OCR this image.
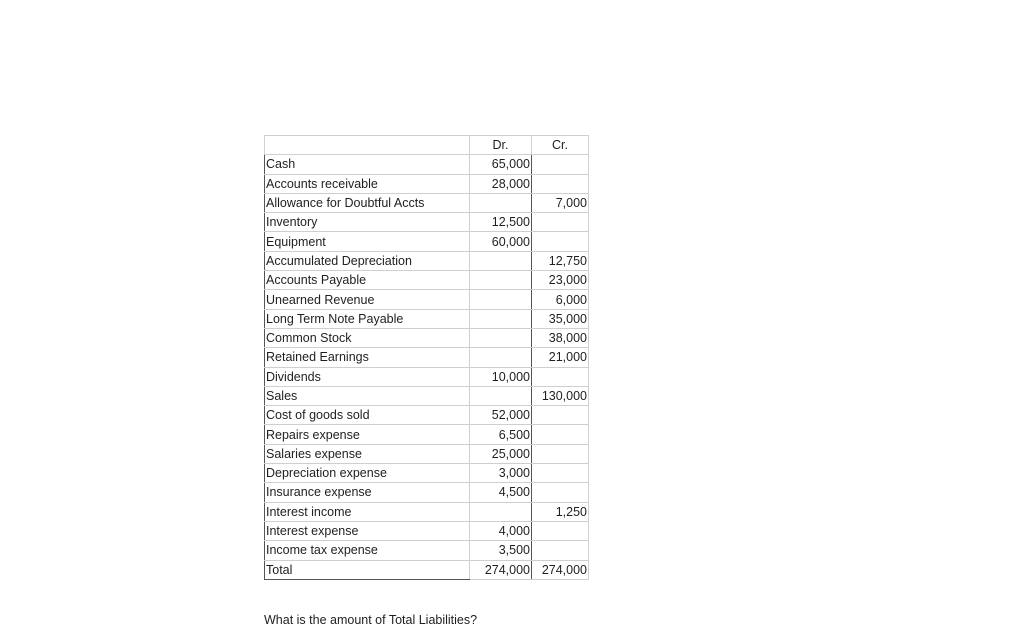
	Dr.	Cr.
Cash	65,000	
Accounts receivable	28,000	
Allowance for Doubtful Accts		7,000
Inventory	12,500	
Equipment	60,000	
Accumulated Depreciation		12,750
Accounts Payable		23,000
Unearned Revenue		6,000
Long Term Note Payable		35,000
Common Stock		38,000
Retained Earnings		21,000
Dividends	10,000	
Sales		130,000
Cost of goods sold	52,000	
Repairs expense	6,500	
Salaries expense	25,000	
Depreciation expense	3,000	
Insurance expense	4,500	
Interest income		1,250
Interest expense	4,000	
Income tax expense	3,500	
Total	274,000	274,000
What is the amount of Total Liabilities?
